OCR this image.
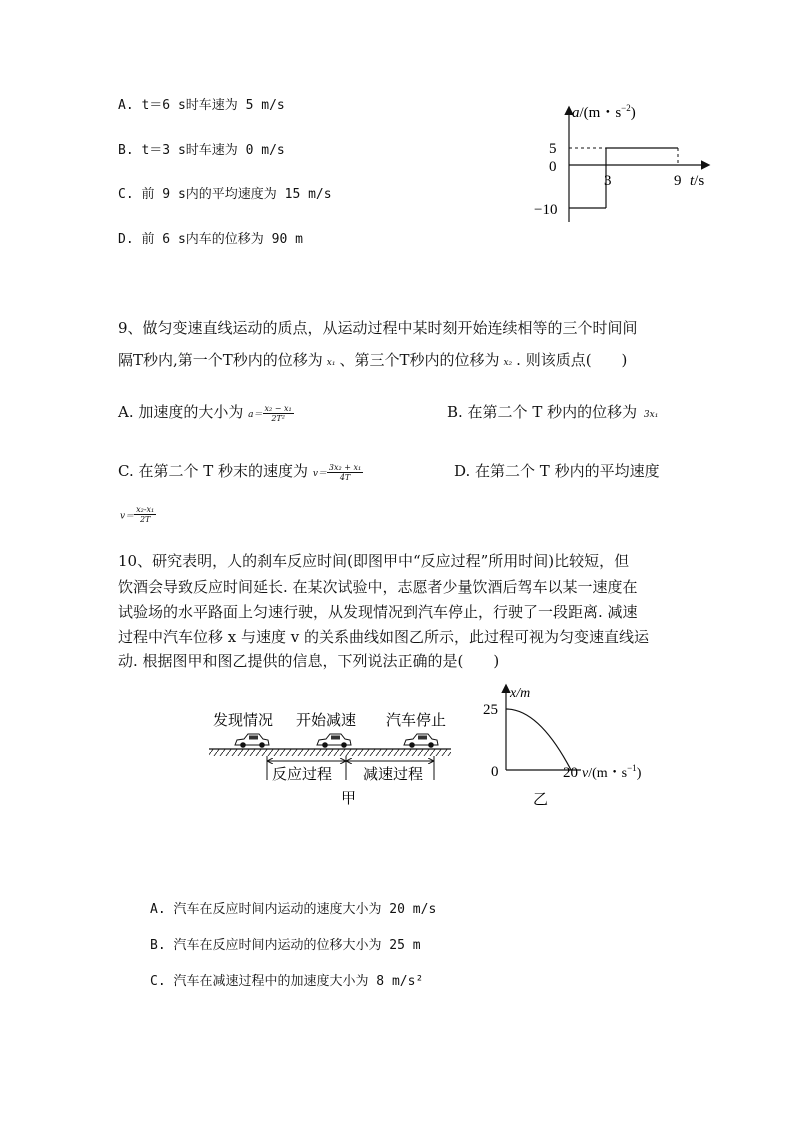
A. t＝6 s时车速为 5 m/s
B. t＝3 s时车速为 0 m/s
C. 前 9 s内的平均速度为 15 m/s
D. 前 6 s内车的位移为 90 m
a/(m・$s^{-2}$)
5
0
−10
3	9 t/s
9、做匀变速直线运动的质点，从运动过程中某时刻开始连续相等的三个时间间
隔T秒内,第一个T秒内的位移为 x₁ 、第三个T秒内的位移为 x₂ . 则该质点(　　)
A. 加速度的大小为 $a= \frac{\text{x₂ − x₁}}{\text{2T²}}$	B. 在第二个 T 秒内的位移为 3x₁
C. 在第二个 T 秒末的速度为 $v= \frac{\text{3x₂ + x₁}}{4T}$	D. 在第二个 T 秒内的平均速度
$v= \frac{\text{x₂-x₁}}{2T}$
10、研究表明，人的刹车反应时间(即图甲中“反应过程”所用时间)比较短，但
饮酒会导致反应时间延长. 在某次试验中，志愿者少量饮酒后驾车以某一速度在
试验场的水平路面上匀速行驶，从发现情况到汽车停止，行驶了一段距离. 减速
过程中汽车位移 x 与速度 v 的关系曲线如图乙所示，此过程可视为匀变速直线运
动. 根据图甲和图乙提供的信息，下列说法正确的是(　　)
发现情况 开始减速 汽车停止
反应过程 减速过程
甲
x/m
25
0	20 v/(m・$s^{-1}$)
乙
A. 汽车在反应时间内运动的速度大小为 20 m/s
B. 汽车在反应时间内运动的位移大小为 25 m
C. 汽车在减速过程中的加速度大小为 8 m/s²
